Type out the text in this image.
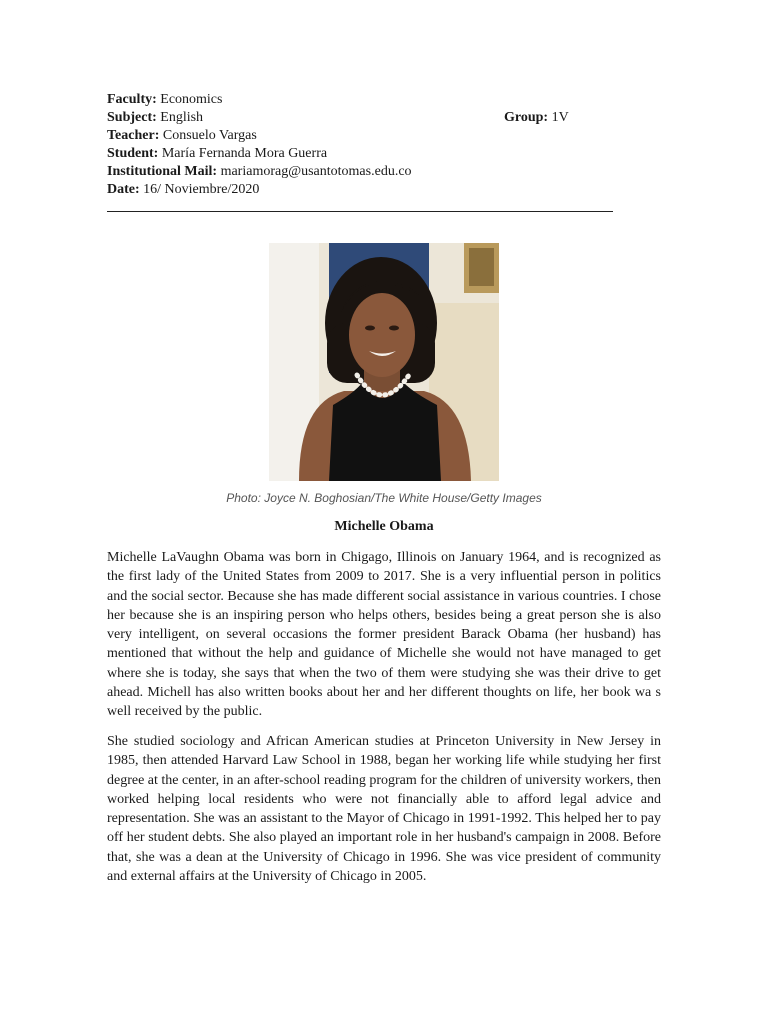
Faculty: Economics
Subject: English	Group: 1V
Teacher: Consuelo Vargas
Student: María Fernanda Mora Guerra
Institutional Mail: mariamorag@usantotomas.edu.co
Date: 16/ Noviembre/2020
Photo: Joyce N. Boghosian/The White House/Getty Images
Michelle Obama

Michelle LaVaughn Obama was born in Chigago, Illinois on January 1964, and is recognized as the first lady of the United States from 2009 to 2017. She is a very influential person in politics and the social sector. Because she has made different social assistance in various countries. I chose her because she is an inspiring person who helps others, besides being a great person she is also very intelligent, on several occasions the former president Barack Obama (her husband) has mentioned that without the help and guidance of Michelle she would not have managed to get where she is today, she says that when the two of them were studying she was their drive to get ahead. Michell has also written books about her and her different thoughts on life, her book wa s well received by the public.

She studied sociology and African American studies at Princeton University in New Jersey in 1985, then attended Harvard Law School in 1988, began her working life while studying her first degree at the center, in an after-school reading program for the children of university workers, then worked helping local residents who were not financially able to afford legal advice and representation. She was an assistant to the Mayor of Chicago in 1991-1992. This helped her to pay off her student debts. She also played an important role in her husband's campaign in 2008. Before that, she was a dean at the University of Chicago in 1996. She was vice president of community and external affairs at the University of Chicago in 2005.
